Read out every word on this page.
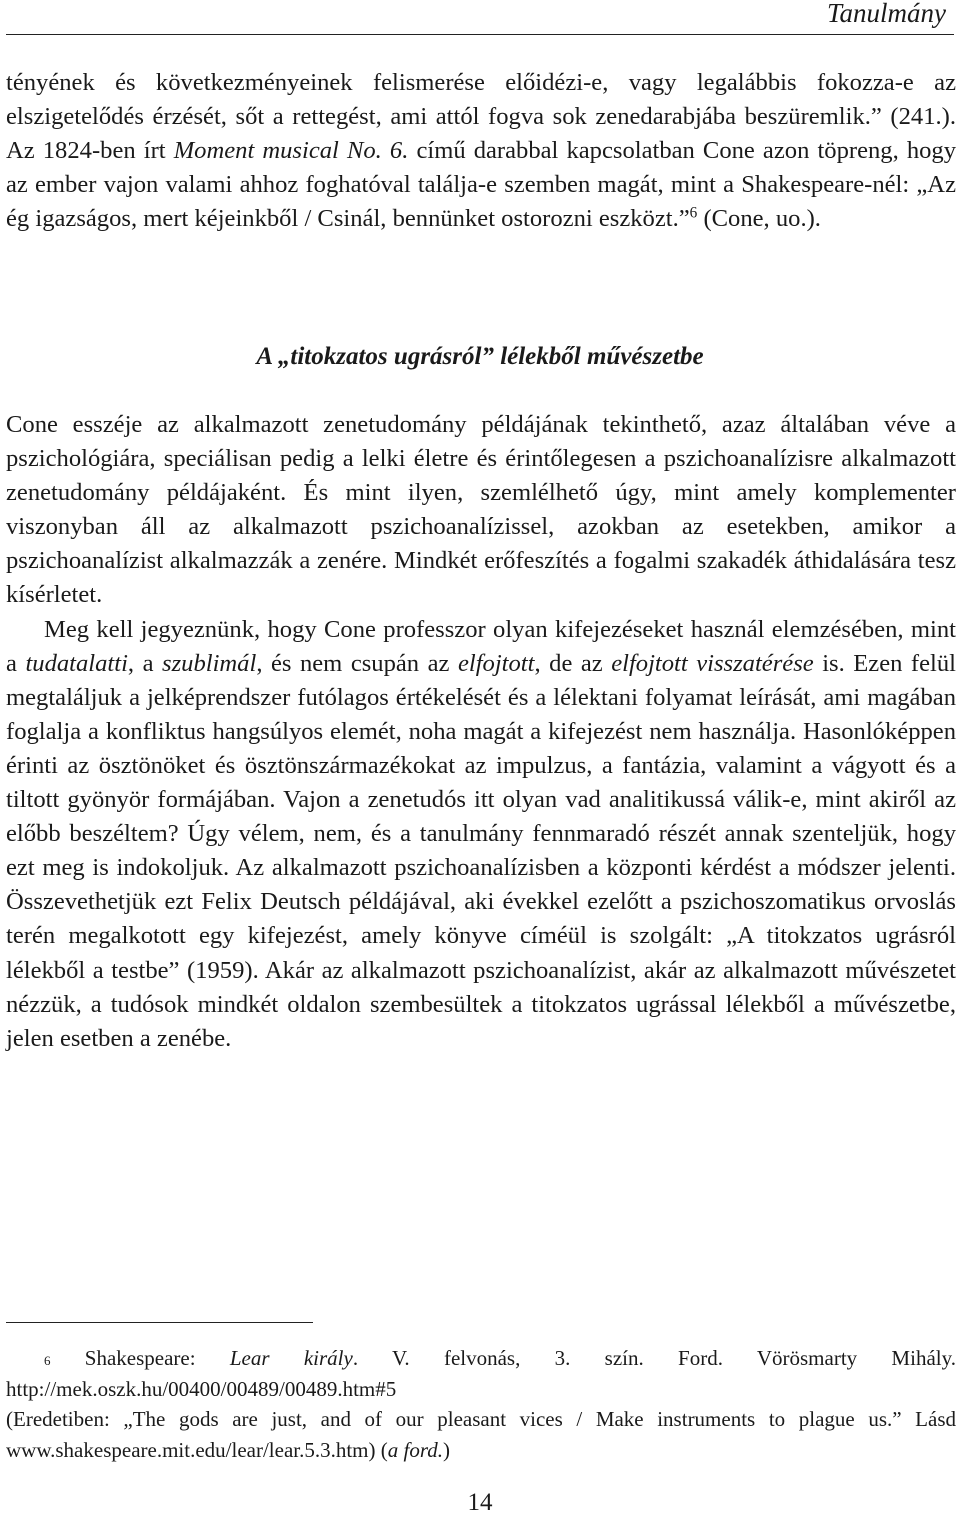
Tanulmány

tényének és következményeinek felismerése előidézi-e, vagy legalábbis fokozza-e az elszigetelődés érzését, sőt a rettegést, ami attól fogva sok zenedarabjába beszüremlik.” (241.). Az 1824-ben írt Moment musical No. 6. című darabbal kapcsolatban Cone azon töpreng, hogy az ember vajon valami ahhoz foghatóval találja-e szemben magát, mint a Shakespeare-nél: „Az ég igazságos, mert kéjeinkből / Csinál, bennünket ostorozni eszközt.”$^6$ (Cone, uo.).

A „titokzatos ugrásról” lélekből művészetbe

Cone esszéje az alkalmazott zenetudomány példájának tekinthető, azaz általában véve a pszichológiára, speciálisan pedig a lelki életre és érintőlegesen a pszichoanalízisre alkalmazott zenetudomány példájaként. És mint ilyen, szemlélhető úgy, mint amely komplementer viszonyban áll az alkalmazott pszichoanalízissel, azokban az esetekben, amikor a pszichoanalízist alkalmazzák a zenére. Mindkét erőfeszítés a fogalmi szakadék áthidalására tesz kísérletet.

Meg kell jegyeznünk, hogy Cone professzor olyan kifejezéseket használ elemzésében, mint a tudatalatti, a szublimál, és nem csupán az elfojtott, de az elfojtott visszatérése is. Ezen felül megtaláljuk a jelképrendszer futólagos értékelését és a lélektani folyamat leírását, ami magában foglalja a konfliktus hangsúlyos elemét, noha magát a kifejezést nem használja. Hasonlóképpen érinti az ösztönöket és ösztönszármazékokat az impulzus, a fantázia, valamint a vágyott és a tiltott gyönyör formájában. Vajon a zenetudós itt olyan vad analitikussá válik-e, mint akiről az előbb beszéltem? Úgy vélem, nem, és a tanulmány fennmaradó részét annak szenteljük, hogy ezt meg is indokoljuk. Az alkalmazott pszichoanalízisben a központi kérdést a módszer jelenti. Összevethetjük ezt Felix Deutsch példájával, aki évekkel ezelőtt a pszichoszomatikus orvoslás terén megalkotott egy kifejezést, amely könyve címéül is szolgált: „A titokzatos ugrásról lélekből a testbe” (1959). Akár az alkalmazott pszichoanalízist, akár az alkalmazott művészetet nézzük, a tudósok mindkét oldalon szembesültek a titokzatos ugrással lélekből a művészetbe, jelen esetben a zenébe.

6 Shakespeare: Lear király. V. felvonás, 3. szín. Ford. Vörösmarty Mihály. http://mek.oszk.hu/00400/00489/00489.htm#5

(Eredetiben: „The gods are just, and of our pleasant vices / Make instruments to plague us.” Lásd www.shakespeare.mit.edu/lear/lear.5.3.htm) (a ford.)

14
